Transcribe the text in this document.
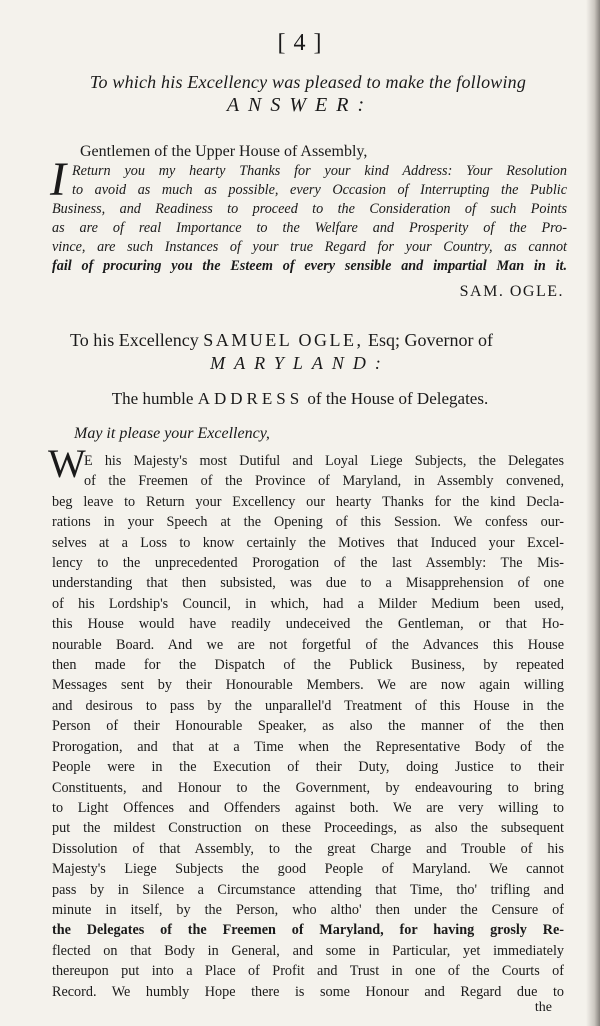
[ 4 ]
To which his Excellency was pleased to make the following
ANSWER:
Gentlemen of the Upper House of Assembly,
I Return you my hearty Thanks for your kind Address: Your Resolution
to avoid as much as possible, every Occasion of Interrupting the Public
Business, and Readiness to proceed to the Consideration of such Points
as are of real Importance to the Welfare and Prosperity of the Pro-
vince, are such Instances of your true Regard for your Country, as cannot
fail of procuring you the Esteem of every sensible and impartial Man in it.
SAM. OGLE.
To his Excellency SAMUEL OGLE, Esq; Governor of
MARYLAND:
The humble ADDRESS of the House of Delegates.
May it please your Excellency,
W
E his Majesty's most Dutiful and Loyal Liege Subjects, the Delegates
of the Freemen of the Province of Maryland, in Assembly convened,
beg leave to Return your Excellency our hearty Thanks for the kind Decla-
rations in your Speech at the Opening of this Session. We confess our-
selves at a Loss to know certainly the Motives that Induced your Excel-
lency to the unprecedented Prorogation of the last Assembly: The Mis-
understanding that then subsisted, was due to a Misapprehension of one
of his Lordship's Council, in which, had a Milder Medium been used,
this House would have readily undeceived the Gentleman, or that Ho-
nourable Board. And we are not forgetful of the Advances this House
then made for the Dispatch of the Publick Business, by repeated
Messages sent by their Honourable Members. We are now again willing
and desirous to pass by the unparallel'd Treatment of this House in the
Person of their Honourable Speaker, as also the manner of the then
Prorogation, and that at a Time when the Representative Body of the
People were in the Execution of their Duty, doing Justice to their
Constituents, and Honour to the Government, by endeavouring to bring
to Light Offences and Offenders against both. We are very willing to
put the mildest Construction on these Proceedings, as also the subsequent
Dissolution of that Assembly, to the great Charge and Trouble of his
Majesty's Liege Subjects the good People of Maryland. We cannot
pass by in Silence a Circumstance attending that Time, tho' trifling and
minute in itself, by the Person, who altho' then under the Censure of
the Delegates of the Freemen of Maryland, for having grosly Re-
flected on that Body in General, and some in Particular, yet immediately
thereupon put into a Place of Profit and Trust in one of the Courts of
Record. We humbly Hope there is some Honour and Regard due to
the
